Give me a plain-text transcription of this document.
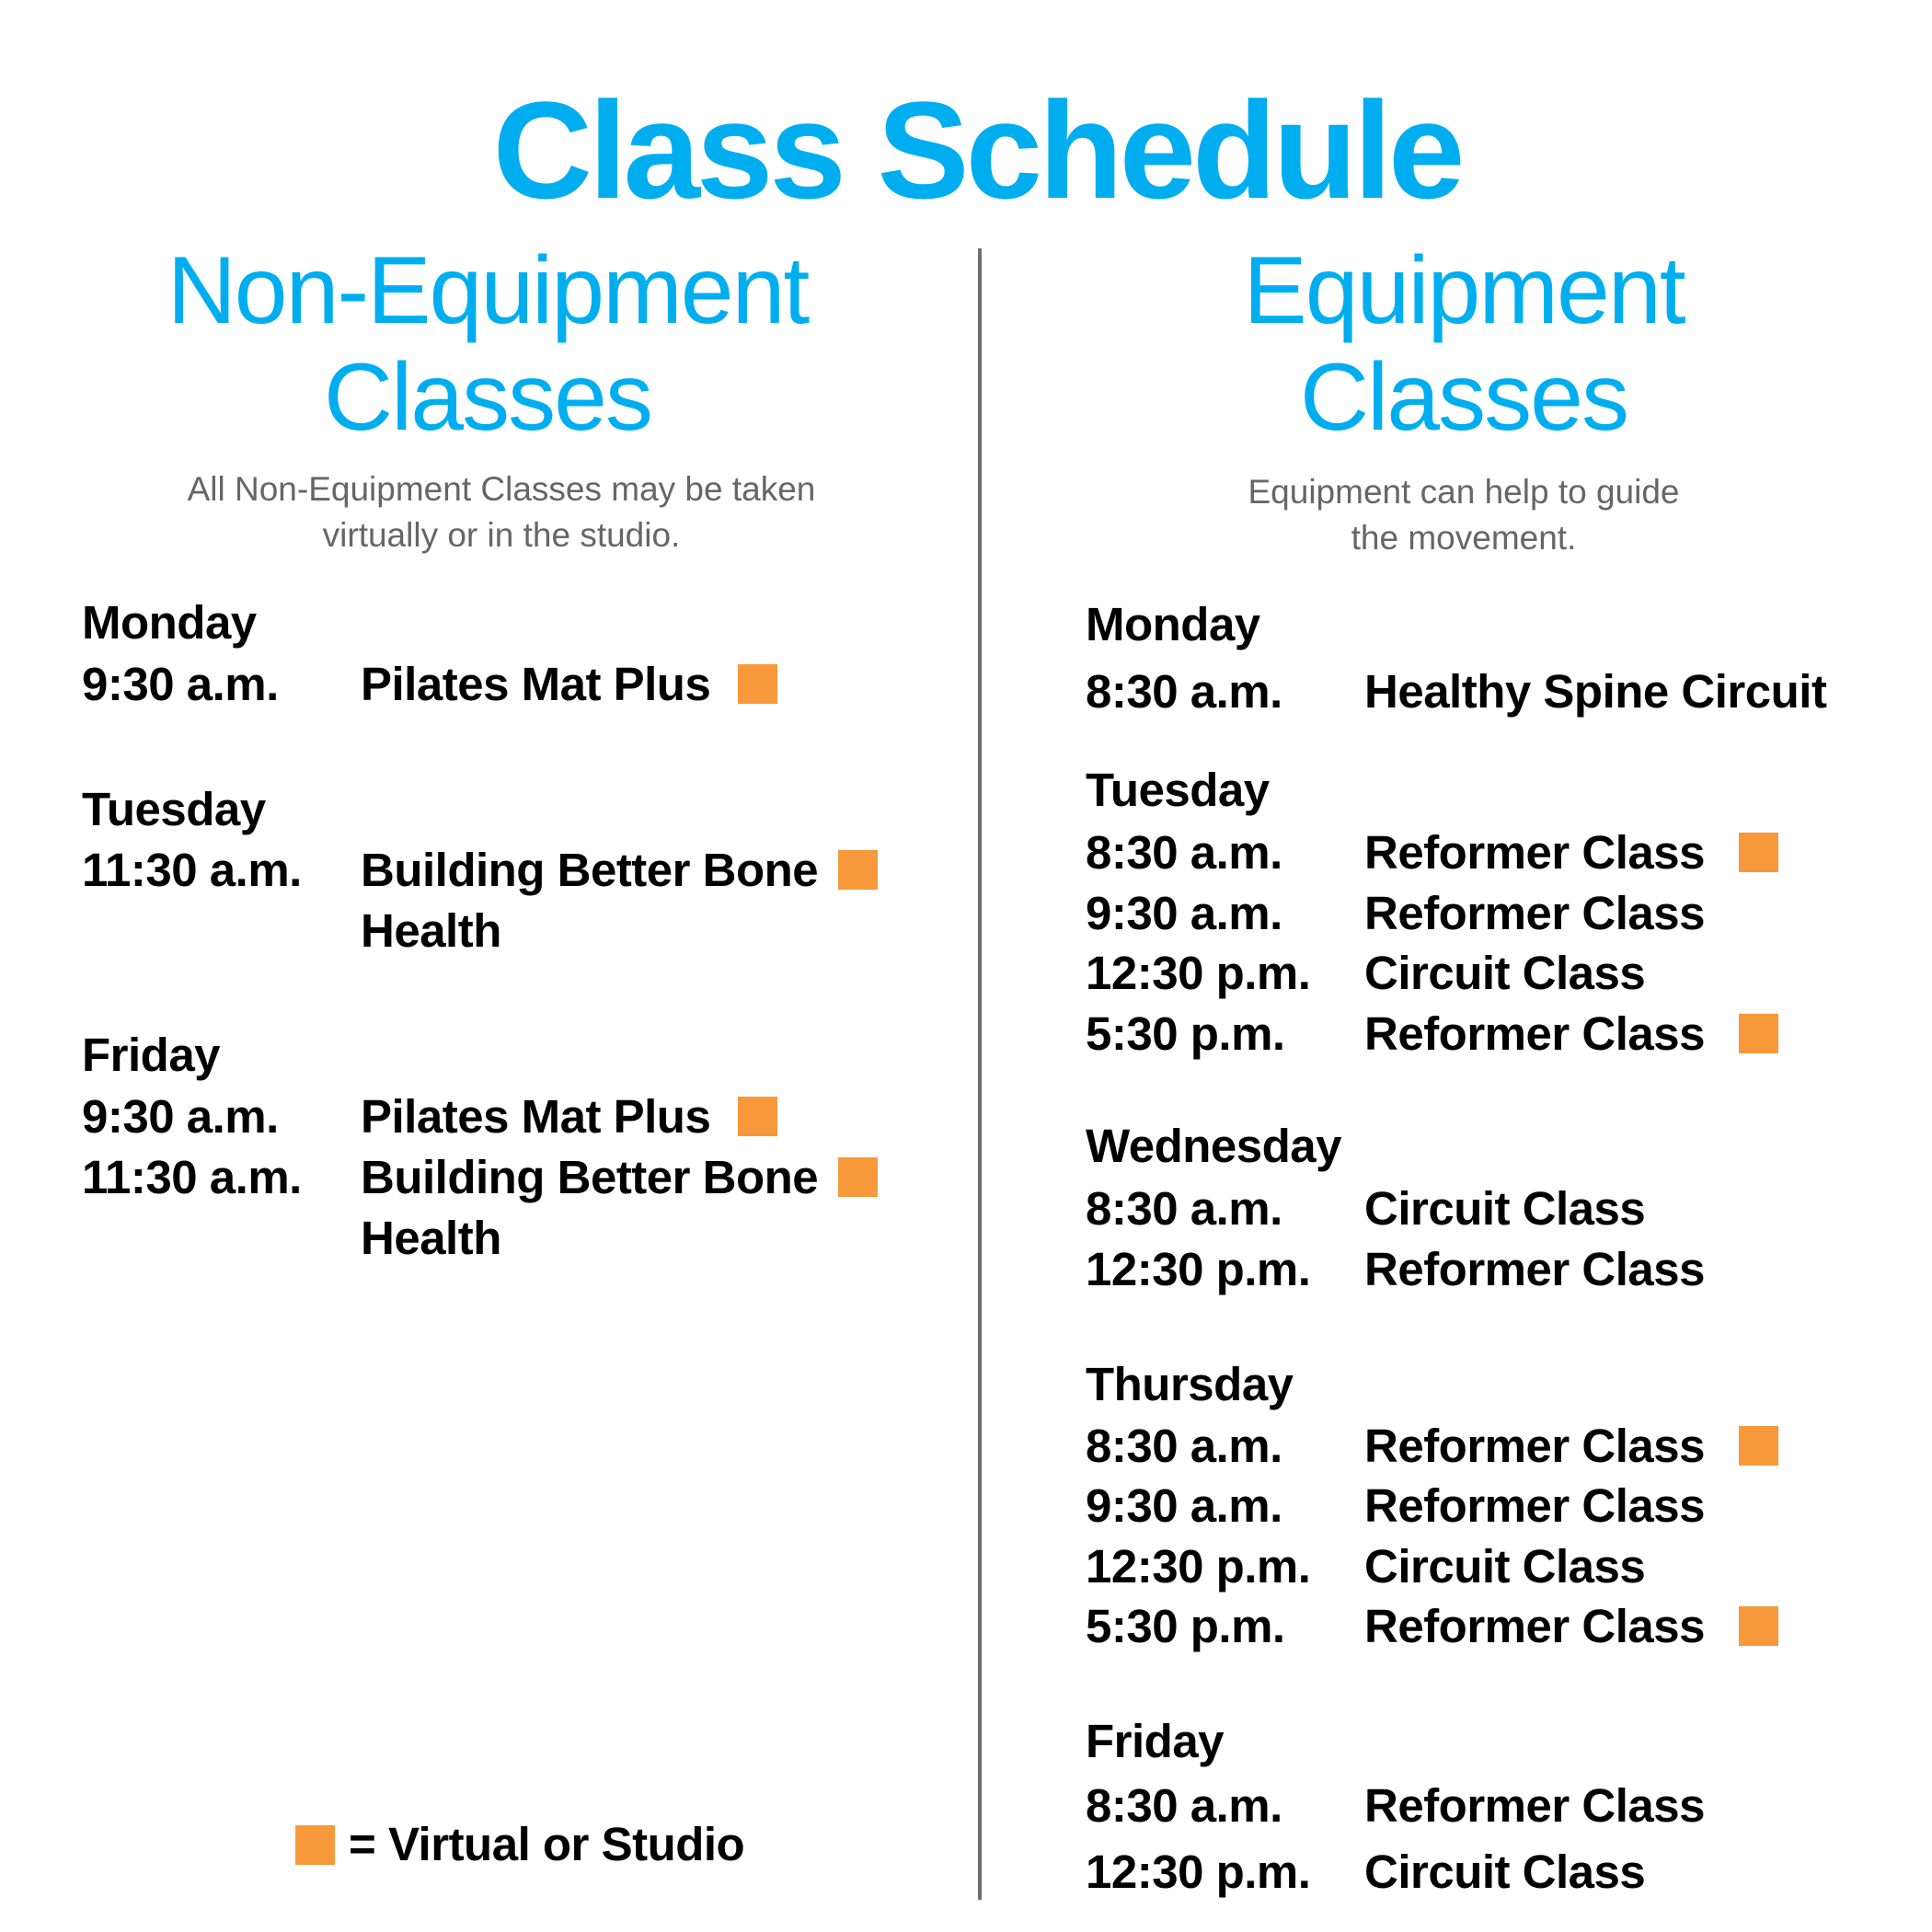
Class Schedule
Non-Equipment
Classes
All Non-Equipment Classes may be taken
virtually or in the studio.
Equipment
Classes
Equipment can help to guide
the movement.
Monday
9:30 a.m. Pilates Mat Plus
Tuesday
11:30 a.m. Building Better Bone
Health
Friday
9:30 a.m. Pilates Mat Plus
11:30 a.m. Building Better Bone
Health
Monday
8:30 a.m. Healthy Spine Circuit
Tuesday
8:30 a.m. Reformer Class
9:30 a.m. Reformer Class
12:30 p.m. Circuit Class
5:30 p.m. Reformer Class
Wednesday
8:30 a.m. Circuit Class
12:30 p.m. Reformer Class
Thursday
8:30 a.m. Reformer Class
9:30 a.m. Reformer Class
12:30 p.m. Circuit Class
5:30 p.m. Reformer Class
Friday
8:30 a.m. Reformer Class
12:30 p.m. Circuit Class
= Virtual or Studio
